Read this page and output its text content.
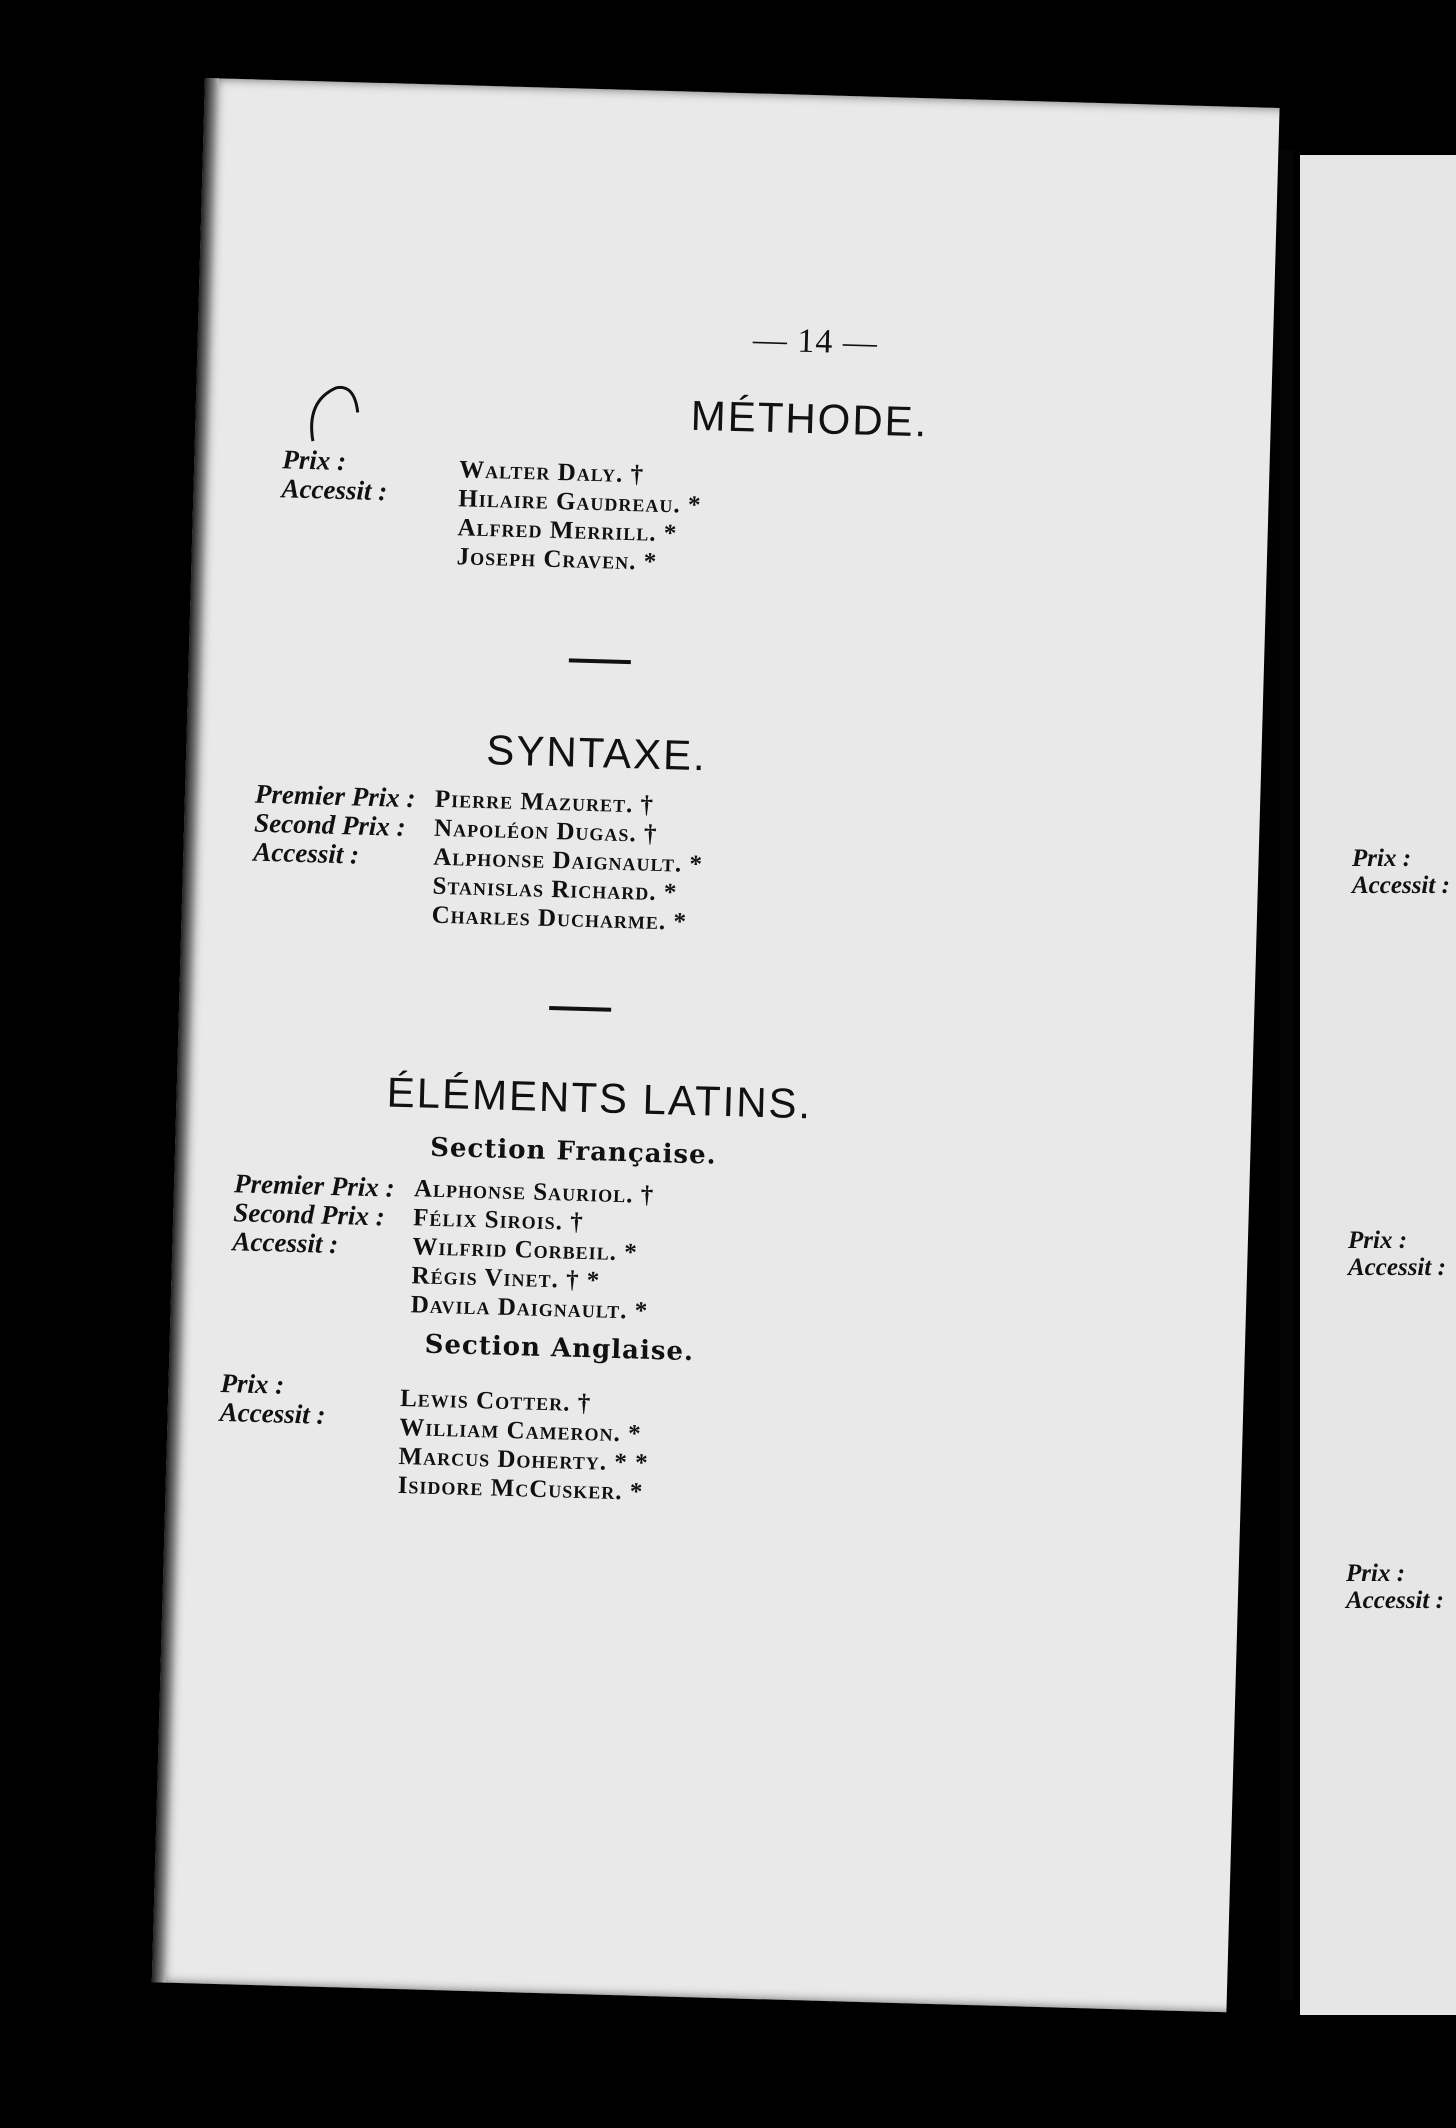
Prix :
Accessit :
Prix :
Accessit :
Prix :
Accessit :
— 14 —
MÉTHODE.
Prix :
Accessit :
Walter Daly. †
Hilaire Gaudreau. *
Alfred Merrill. *
Joseph Craven. *
SYNTAXE.
Premier Prix :
Second Prix :
Accessit :
Pierre Mazuret. †
Napoléon Dugas. †
Alphonse Daignault. *
Stanislas Richard. *
Charles Ducharme. *
ÉLÉMENTS LATINS.
Section Française.
Premier Prix :
Second Prix :
Accessit :
Alphonse Sauriol. †
Félix Sirois. †
Wilfrid Corbeil. *
Régis Vinet. † *
Davila Daignault. *
Section Anglaise.
Prix :
Accessit :	Lewis Cotter. †
William Cameron. *
Marcus Doherty. * *
Isidore McCusker. *
